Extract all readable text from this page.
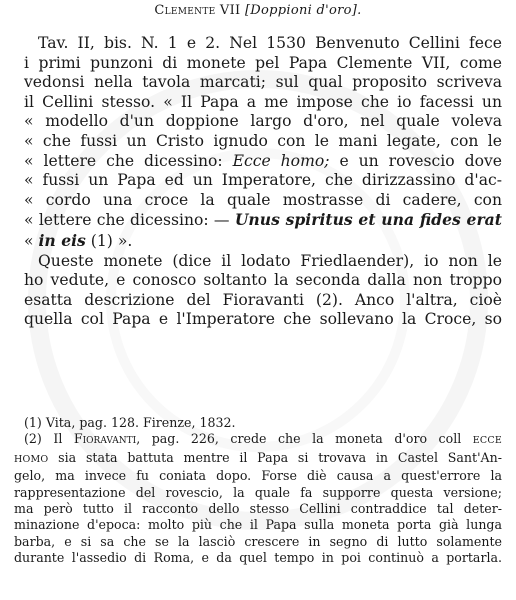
Clemente VII [Doppioni d'oro].
Tav. II, bis. N. 1 e 2. Nel 1530 Benvenuto Cellini fece
i primi punzoni di monete pel Papa Clemente VII, come
vedonsi nella tavola marcati; sul qual proposito scriveva
il Cellini stesso. « Il Papa a me impose che io facessi un
« modello d'un doppione largo d'oro, nel quale voleva
« che fussi un Cristo ignudo con le mani legate, con le
« lettere che dicessino: Ecce homo; e un rovescio dove
« fussi un Papa ed un Imperatore, che dirizzassino d'ac-
« cordo una croce la quale mostrasse di cadere, con
« lettere che dicessino: — Unus spiritus et una fides erat
« in eis (1) ».
Queste monete (dice il lodato Friedlaender), io non le
ho vedute, e conosco soltanto la seconda dalla non troppo
esatta descrizione del Fioravanti (2). Anco l'altra, cioè
quella col Papa e l'Imperatore che sollevano la Croce, so
(1) Vita, pag. 128. Firenze, 1832.
(2) Il Fioravanti, pag. 226, crede che la moneta d'oro coll ECCE
HOMO sia stata battuta mentre il Papa si trovava in Castel Sant'An-
gelo, ma invece fu coniata dopo. Forse diè causa a quest'errore la
rappresentazione del rovescio, la quale fa supporre questa versione;
ma però tutto il racconto dello stesso Cellini contraddice tal deter-
minazione d'epoca: molto più che il Papa sulla moneta porta già lunga
barba, e si sa che se la lasciò crescere in segno di lutto solamente
durante l'assedio di Roma, e da quel tempo in poi continuò a portarla.
